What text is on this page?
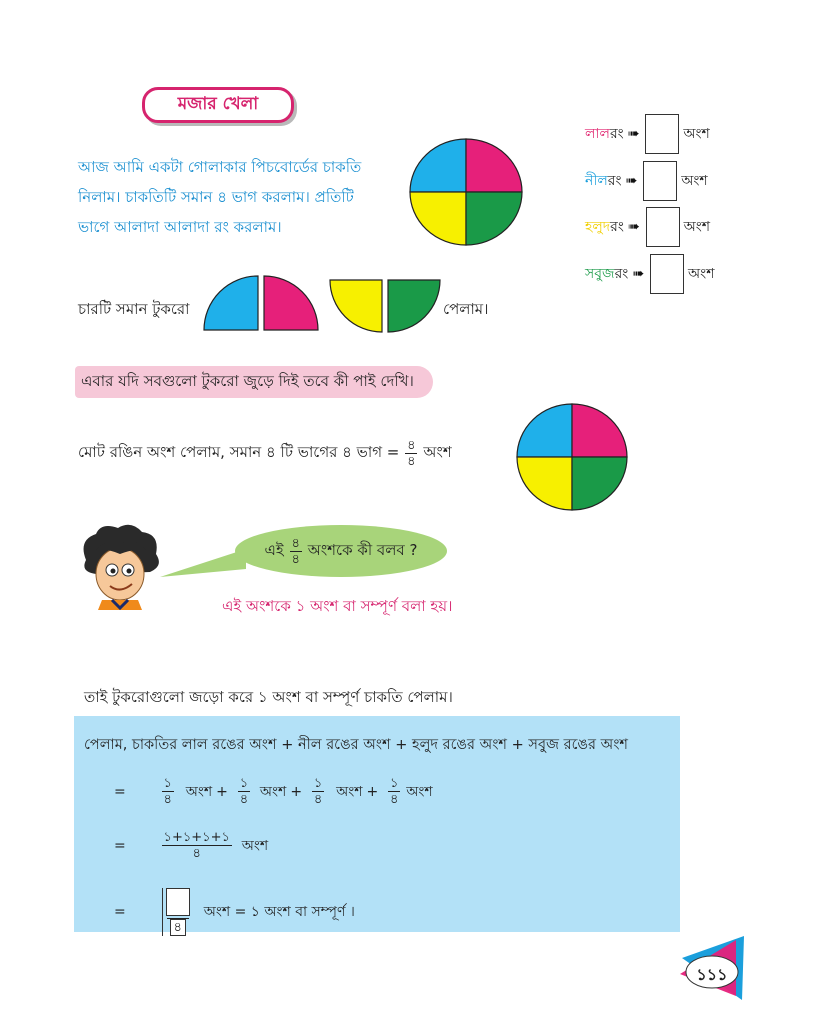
মজার খেলা
আজ আমি একটা গোলাকার পিচবোর্ডের চাকতি
নিলাম। চাকতিটি সমান ৪ ভাগ করলাম। প্রতিটি
ভাগে আলাদা আলাদা রং করলাম।
লাল রং ➠	অংশ
নীল রং ➠	অংশ
হলুদ রং ➠	অংশ
সবুজ রং ➠	অংশ
চারটি সমান টুকরো	পেলাম।
এবার যদি সবগুলো টুকরো জুড়ে দিই তবে কী পাই দেখি।
মোট রঙিন অংশ পেলাম, সমান ৪ টি ভাগের ৪ ভাগ = $\frac{৪}{৪}$ অংশ
এই $\frac{৪}{৪}$ অংশকে কী বলব ?
এই অংশকে ১ অংশ বা সম্পূর্ণ বলা হয়।
তাই টুকরোগুলো জড়ো করে ১ অংশ বা সম্পূর্ণ চাকতি পেলাম।
পেলাম, চাকতির লাল রঙের অংশ + নীল রঙের অংশ + হলুদ রঙের অংশ + সবুজ রঙের অংশ
=	$\frac{১}{৪}$ অংশ + $\frac{১}{৪}$ অংশ + $\frac{১}{৪}$ অংশ + $\frac{১}{৪}$ অংশ
=	$\frac{১+১+১+১}{৪}$ অংশ
=
৪
অংশ = ১ অংশ বা সম্পূর্ণ ।
১১১
